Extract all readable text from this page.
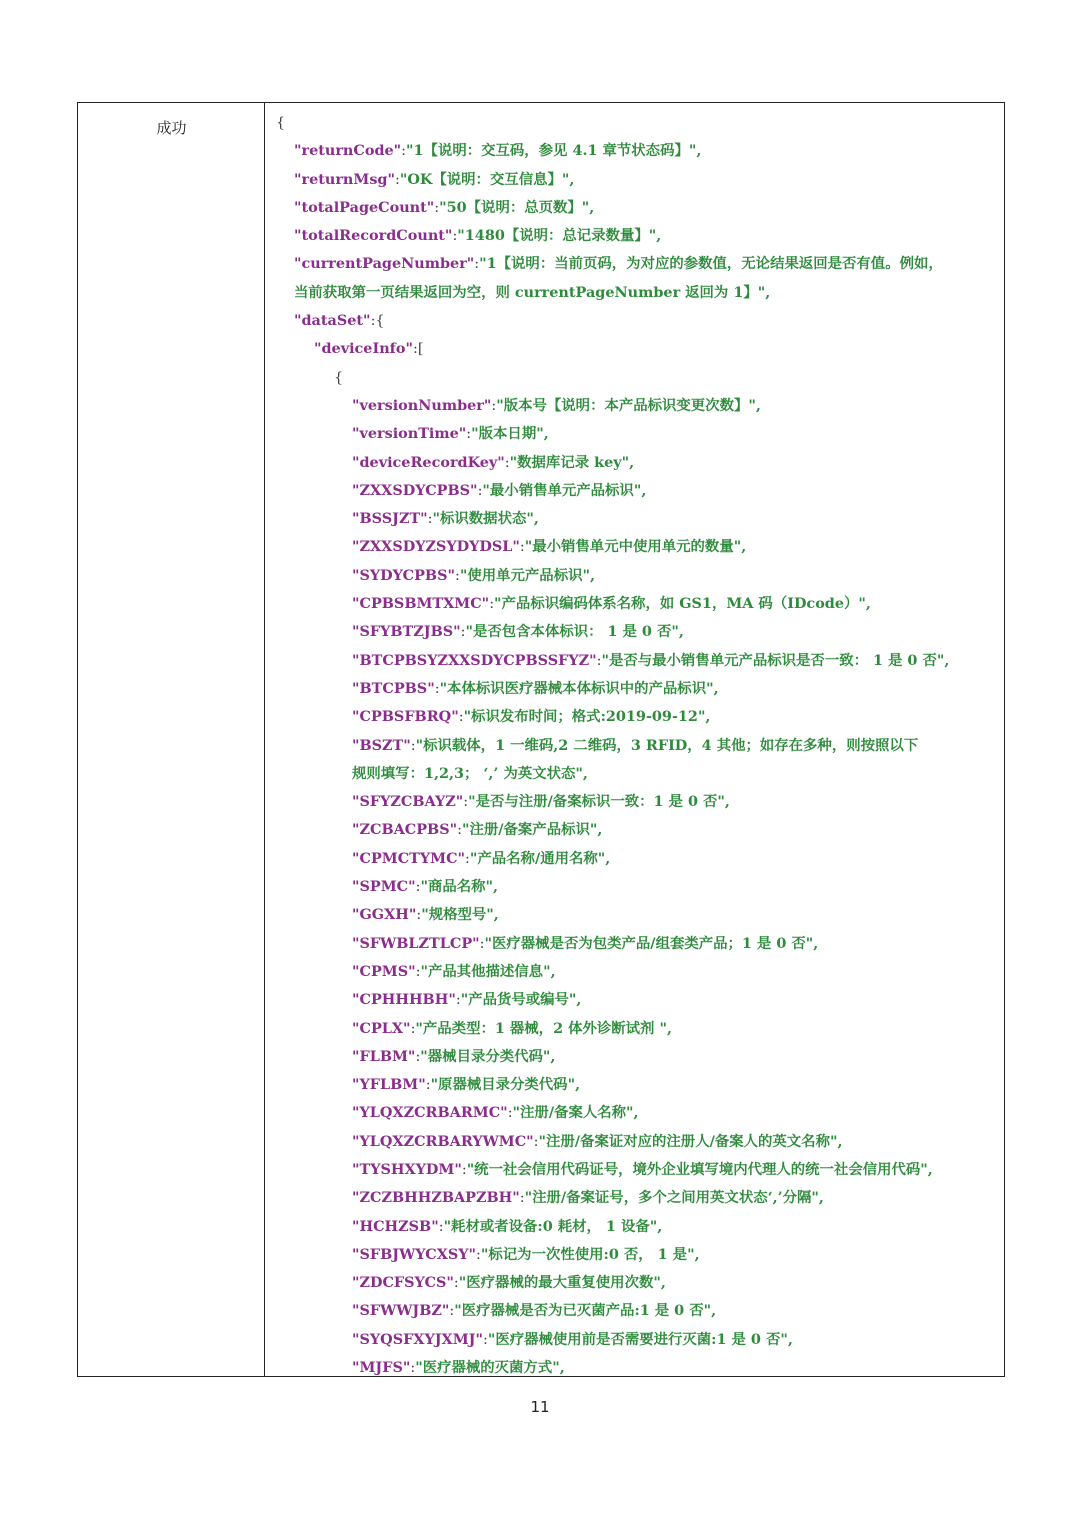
成功	{
"returnCode":"1【说明：交互码，参见 4.1 章节状态码】",
"returnMsg":"OK【说明：交互信息】",
"totalPageCount":"50【说明：总页数】",
"totalRecordCount":"1480【说明：总记录数量】",
"currentPageNumber":"1【说明：当前页码，为对应的参数值，无论结果返回是否有值。例如，
当前获取第一页结果返回为空，则 currentPageNumber 返回为 1】",
"dataSet":{
"deviceInfo":[
{
"versionNumber":"版本号【说明：本产品标识变更次数】",
"versionTime":"版本日期",
"deviceRecordKey":"数据库记录 key",
"ZXXSDYCPBS":"最小销售单元产品标识",
"BSSJZT":"标识数据状态",
"ZXXSDYZSYDYDSL":"最小销售单元中使用单元的数量",
"SYDYCPBS":"使用单元产品标识",
"CPBSBMTXMC":"产品标识编码体系名称，如 GS1，MA 码（IDcode）",
"SFYBTZJBS":"是否包含本体标识： 1 是 0 否",
"BTCPBSYZXXSDYCPBSSFYZ":"是否与最小销售单元产品标识是否一致： 1 是 0 否",
"BTCPBS":"本体标识医疗器械本体标识中的产品标识",
"CPBSFBRQ":"标识发布时间；格式:2019-09-12",
"BSZT":"标识载体，1 一维码,2 二维码，3 RFID，4 其他；如存在多种，则按照以下
规则填写：1,2,3； ‘,’ 为英文状态",
"SFYZCBAYZ":"是否与注册/备案标识一致：1 是 0 否",
"ZCBACPBS":"注册/备案产品标识",
"CPMCTYMC":"产品名称/通用名称",
"SPMC":"商品名称",
"GGXH":"规格型号",
"SFWBLZTLCP":"医疗器械是否为包类产品/组套类产品；1 是 0 否",
"CPMS":"产品其他描述信息",
"CPHHHBH":"产品货号或编号",
"CPLX":"产品类型：1 器械，2 体外诊断试剂 ",
"FLBM":"器械目录分类代码",
"YFLBM":"原器械目录分类代码",
"YLQXZCRBARMC":"注册/备案人名称",
"YLQXZCRBARYWMC":"注册/备案证对应的注册人/备案人的英文名称",
"TYSHXYDM":"统一社会信用代码证号，境外企业填写境内代理人的统一社会信用代码",
"ZCZBHHZBAPZBH":"注册/备案证号，多个之间用英文状态‘,’分隔",
"HCHZSB":"耗材或者设备:0 耗材， 1 设备",
"SFBJWYCXSY":"标记为一次性使用:0 否， 1 是",
"ZDCFSYCS":"医疗器械的最大重复使用次数",
"SFWWJBZ":"医疗器械是否为已灭菌产品:1 是 0 否",
"SYQSFXYJXMJ":"医疗器械使用前是否需要进行灭菌:1 是 0 否",
"MJFS":"医疗器械的灭菌方式",
11
